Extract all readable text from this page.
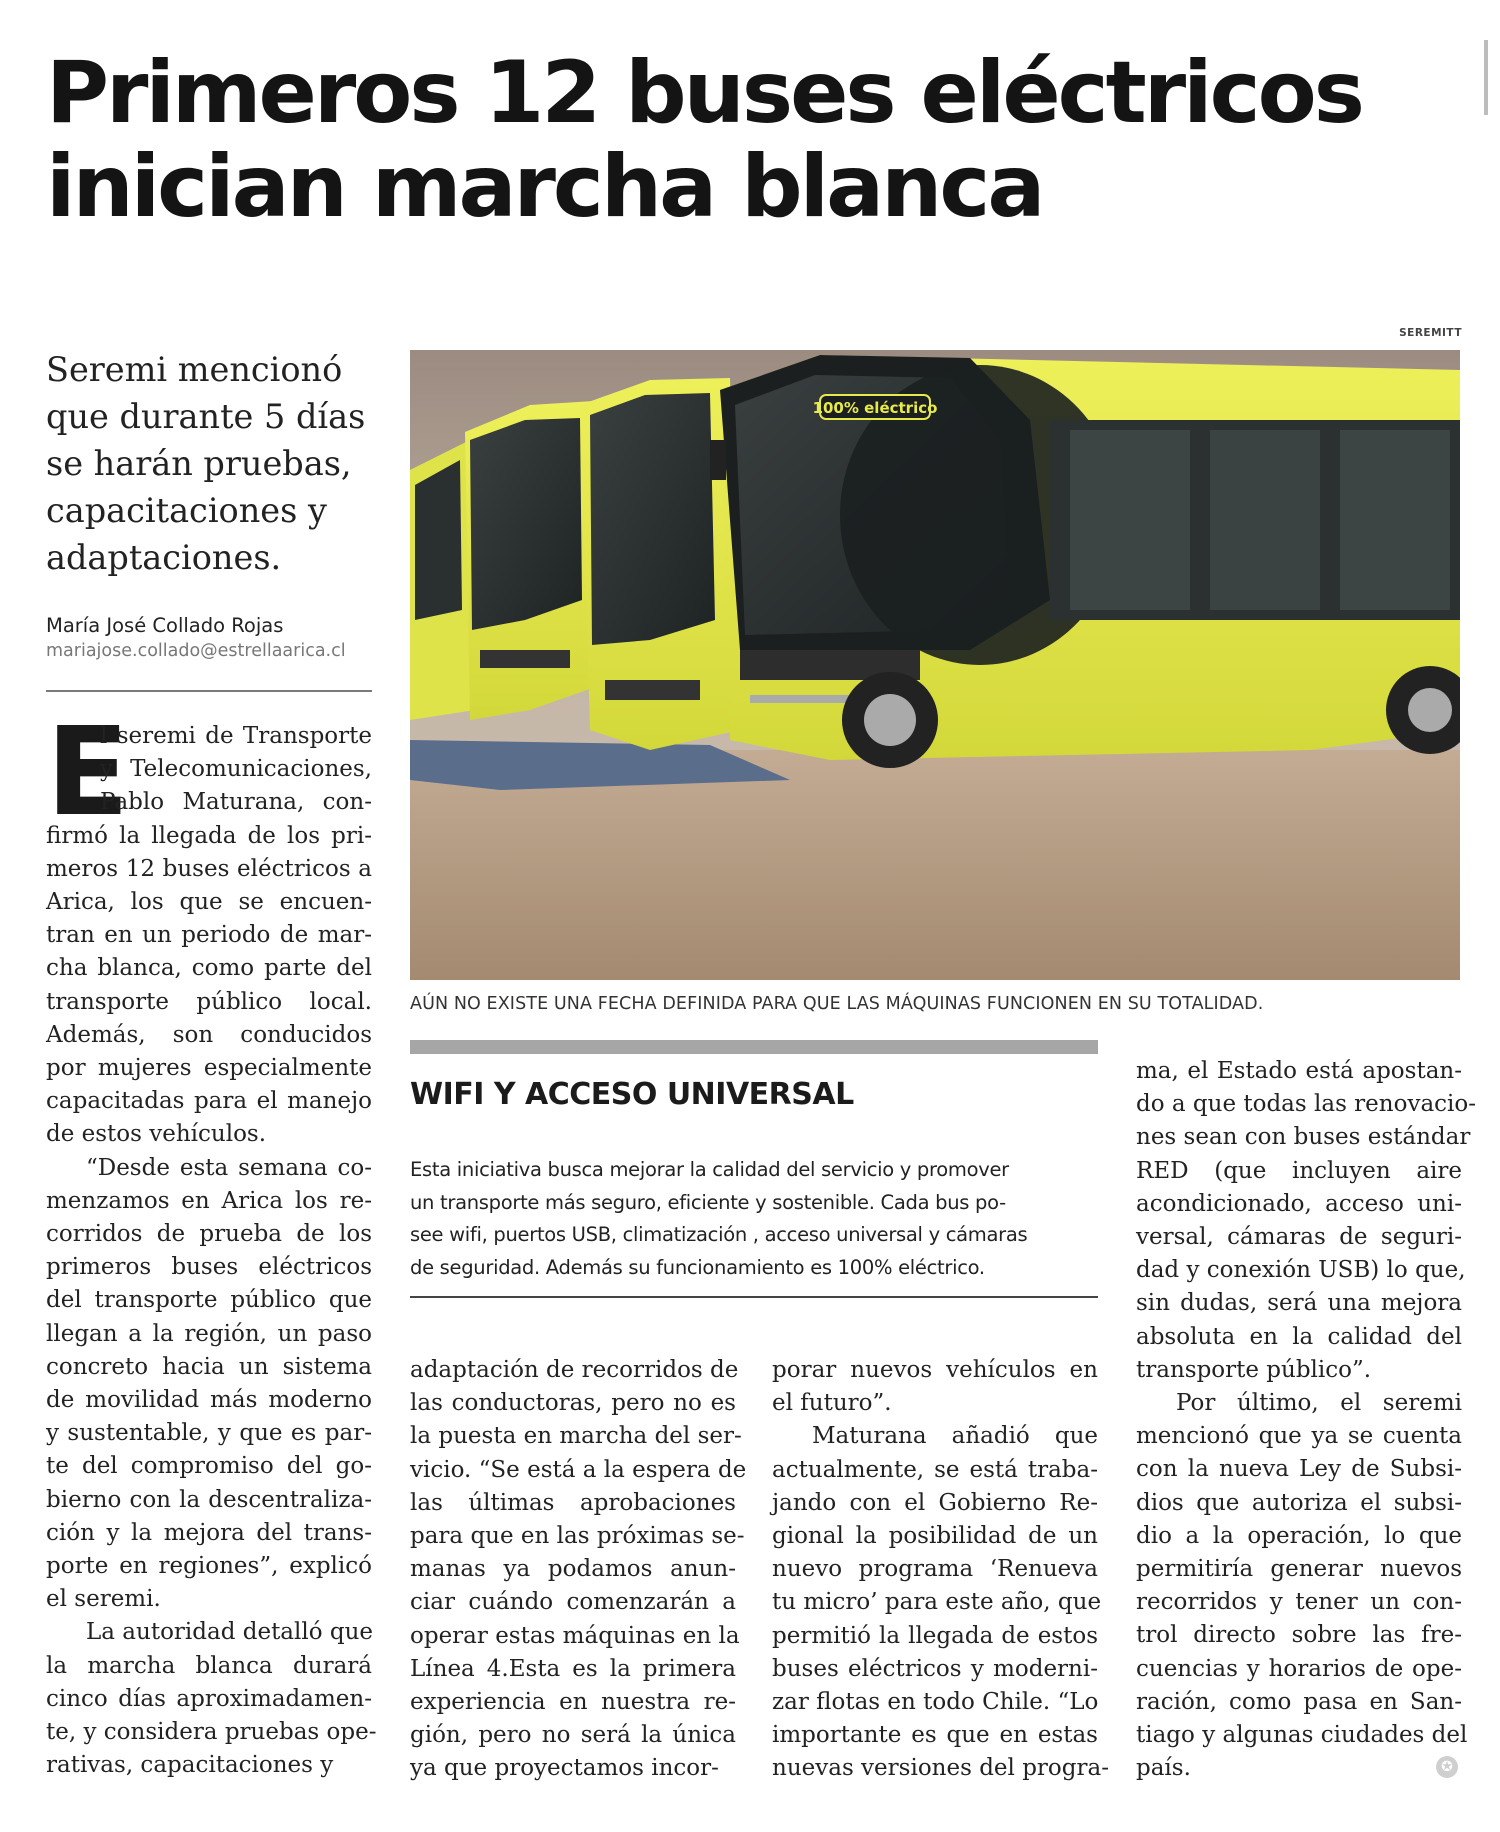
Primeros 12 buses eléctricos
inician marcha blanca
Seremi mencionó
que durante 5 días
se harán pruebas,
capacitaciones y
adaptaciones.
María José Collado Rojas
mariajose.collado@estrellaarica.cl
SEREMITT
100% eléctrico
AÚN NO EXISTE UNA FECHA DEFINIDA PARA QUE LAS MÁQUINAS FUNCIONEN EN SU TOTALIDAD.
WIFI Y ACCESO UNIVERSAL
Esta iniciativa busca mejorar la calidad del servicio y promover
un transporte más seguro, eficiente y sostenible. Cada bus po-
see wifi, puertos USB, climatización , acceso universal y cámaras
de seguridad. Además su funcionamiento es 100% eléctrico.
E
l seremi de Transporte
y Telecomunicaciones,
Pablo Maturana, con-
firmó la llegada de los pri-
meros 12 buses eléctricos a
Arica, los que se encuen-
tran en un periodo de mar-
cha blanca, como parte del
transporte público local.
Además, son conducidos
por mujeres especialmente
capacitadas para el manejo
de estos vehículos.
“Desde esta semana co-
menzamos en Arica los re-
corridos de prueba de los
primeros buses eléctricos
del transporte público que
llegan a la región, un paso
concreto hacia un sistema
de movilidad más moderno
y sustentable, y que es par-
te del compromiso del go-
bierno con la descentraliza-
ción y la mejora del trans-
porte en regiones”, explicó
el seremi.
La autoridad detalló que
la marcha blanca durará
cinco días aproximadamen-
te, y considera pruebas ope-
rativas, capacitaciones y
adaptación de recorridos de
las conductoras, pero no es
la puesta en marcha del ser-
vicio. “Se está a la espera de
las últimas aprobaciones
para que en las próximas se-
manas ya podamos anun-
ciar cuándo comenzarán a
operar estas máquinas en la
Línea 4.Esta es la primera
experiencia en nuestra re-
gión, pero no será la única
ya que proyectamos incor-
porar nuevos vehículos en
el futuro”.
Maturana añadió que
actualmente, se está traba-
jando con el Gobierno Re-
gional la posibilidad de un
nuevo programa ‘Renueva
tu micro’ para este año, que
permitió la llegada de estos
buses eléctricos y moderni-
zar flotas en todo Chile. “Lo
importante es que en estas
nuevas versiones del progra-
ma, el Estado está apostan-
do a que todas las renovacio-
nes sean con buses estándar
RED (que incluyen aire
acondicionado, acceso uni-
versal, cámaras de seguri-
dad y conexión USB) lo que,
sin dudas, será una mejora
absoluta en la calidad del
transporte público”.
Por último, el seremi
mencionó que ya se cuenta
con la nueva Ley de Subsi-
dios que autoriza el subsi-
dio a la operación, lo que
permitiría generar nuevos
recorridos y tener un con-
trol directo sobre las fre-
cuencias y horarios de ope-
ración, como pasa en San-
tiago y algunas ciudades del
país.	✪
